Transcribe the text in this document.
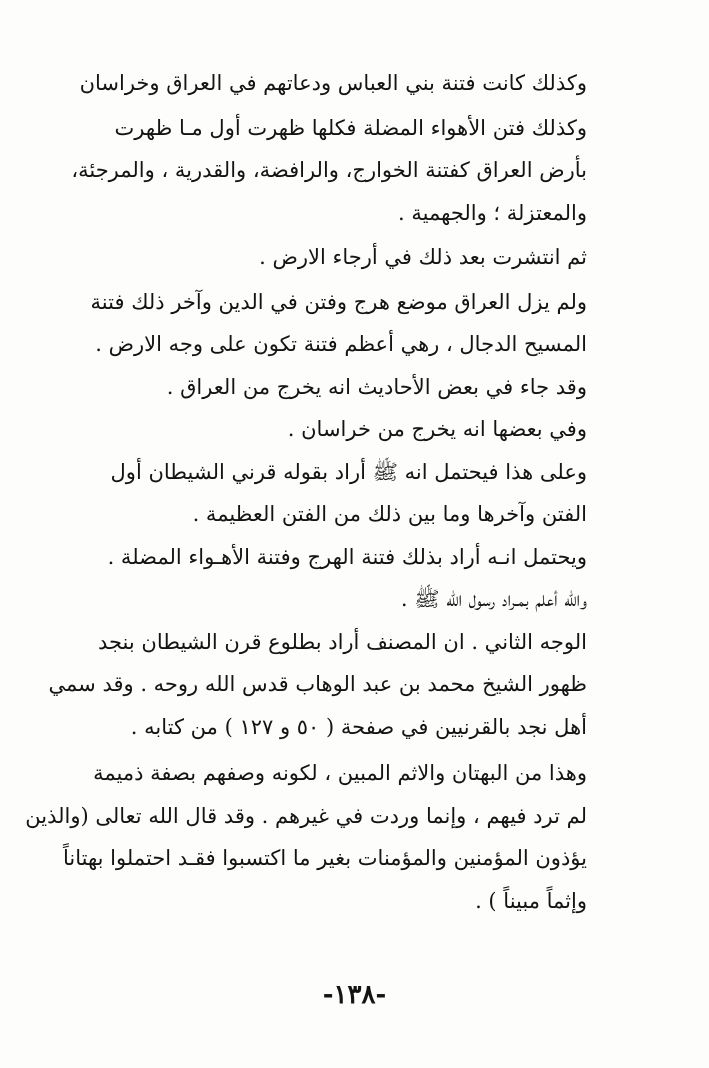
وكذلك كانت فتنة بني العباس ودعاتهم في العراق وخراسان

وكذلك فتن الأهواء المضلة فكلها ظهرت أول مـا ظهرت
بأرض العراق كفتنة الخوارج، والرافضة، والقدرية ، والمرجئة،
والمعتزلة ؛ والجهمية .

ثم انتشرت بعد ذلك في أرجاء الارض .

ولم يزل العراق موضع هرج وفتن في الدين وآخر ذلك فتنة
المسيح الدجال ، رهي أعظم فتنة تكون على وجه الارض .

وقد جاء في بعض الأحاديث انه يخرج من العراق .

وفي بعضها انه يخرج من خراسان .

وعلى هذا فيحتمل انه ﷺ أراد بقوله قرني الشيطان أول
الفتن وآخرها وما بين ذلك من الفتن العظيمة .

ويحتمل انـه أراد بذلك فتنة الهرج وفتنة الأهـواء المضلة .
والله أعلم بمـراد رسول الله ﷺ .

الوجه الثاني . ان المصنف أراد بطلوع قرن الشيطان بنجد
ظهور الشيخ محمد بن عبد الوهاب قدس الله روحه . وقد سمي
أهل نجد بالقرنيين في صفحة ( ٥٠ و ١٢٧ ) من كتابه .

وهذا من البهتان والاثم المبين ، لكونه وصفهم بصفة ذميمة
لم ترد فيهم ، وإنما وردت في غيرهم . وقد قال الله تعالى (والذين
يؤذون المؤمنين والمؤمنات بغير ما اكتسبوا فقـد احتملوا بهتاناً
وإثماً مبيناً ) .

-١٣٨-
